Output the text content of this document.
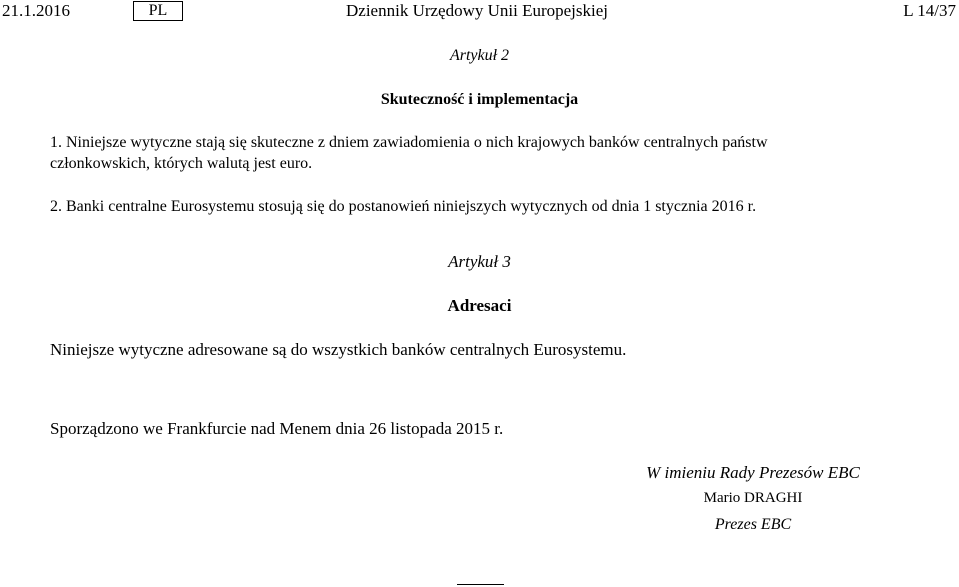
21.1.2016	PL	Dziennik Urzędowy Unii Europejskiej	L 14/37
Artykuł 2
Skuteczność i implementacja
1. Niniejsze wytyczne stają się skuteczne z dniem zawiadomienia o nich krajowych banków centralnych państw
członkowskich, których walutą jest euro.
2. Banki centralne Eurosystemu stosują się do postanowień niniejszych wytycznych od dnia 1 stycznia 2016 r.
Artykuł 3
Adresaci
Niniejsze wytyczne adresowane są do wszystkich banków centralnych Eurosystemu.
Sporządzono we Frankfurcie nad Menem dnia 26 listopada 2015 r.
W imieniu Rady Prezesów EBC
Mario DRAGHI
Prezes EBC
